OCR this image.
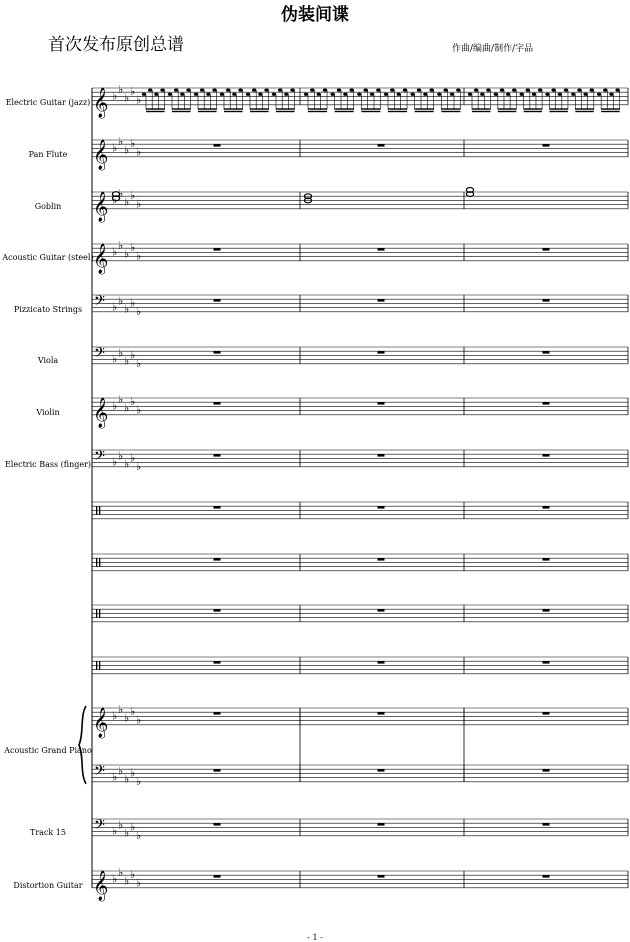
伪装间谍
首次发布原创总谱	作曲/编曲/制作/字品
Electric Guitar (jazz)
Pan Flute
Goblin
Acoustic Guitar (steel)
Pizzicato Strings
Viola
Violin
Electric Bass (finger)
Acoustic Grand Piano
Track 15
Distortion Guitar
𝄞 ♭ ♭
♭ ♭
♭
𝄞 ♭ ♭
♭ ♭
♭
𝄞 ♭ ♭
♭ ♭
♭
𝄞 ♭ ♭
♭ ♭
♭
𝄢 ♭ ♭
♭ ♭
♭
𝄢 ♭ ♭
♭ ♭
♭
𝄞 ♭ ♭
♭ ♭
♭
𝄢 ♭ ♭
♭ ♭
♭
𝄞 ♭ ♭
♭ ♭
♭
𝄢 ♭ ♭
♭ ♭
♭
𝄢 ♭ ♭
♭ ♭
♭
𝄞 ♭ ♭
♭ ♭
♭
- 1 -
